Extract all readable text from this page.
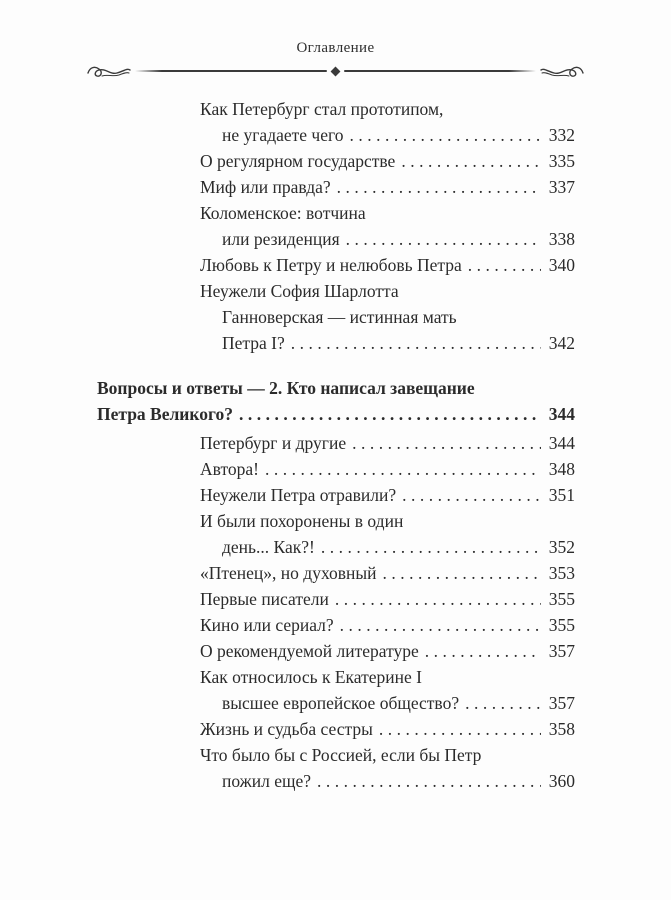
Оглавление
Как Петербург стал прототипом,
не угадаете чего .....	332
О регулярном государстве .....	335
Миф или правда? .....	337
Коломенское: вотчина
или резиденция .....	338
Любовь к Петру и нелюбовь Петра .....	340
Неужели София Шарлотта
Ганноверская — истинная мать
Петра I? .....	342
Вопросы и ответы — 2. Кто написал завещание
Петра Великого? .....	344
Петербург и другие .....	344
Автора! .....	348
Неужели Петра отравили? .....	351
И были похоронены в один
день... Как?! .....	352
«Птенец», но духовный .....	353
Первые писатели .....	355
Кино или сериал? .....	355
О рекомендуемой литературе .....	357
Как относилось к Екатерине I
высшее европейское общество? .....	357
Жизнь и судьба сестры .....	358
Что было бы с Россией, если бы Петр
пожил еще? .....	360
